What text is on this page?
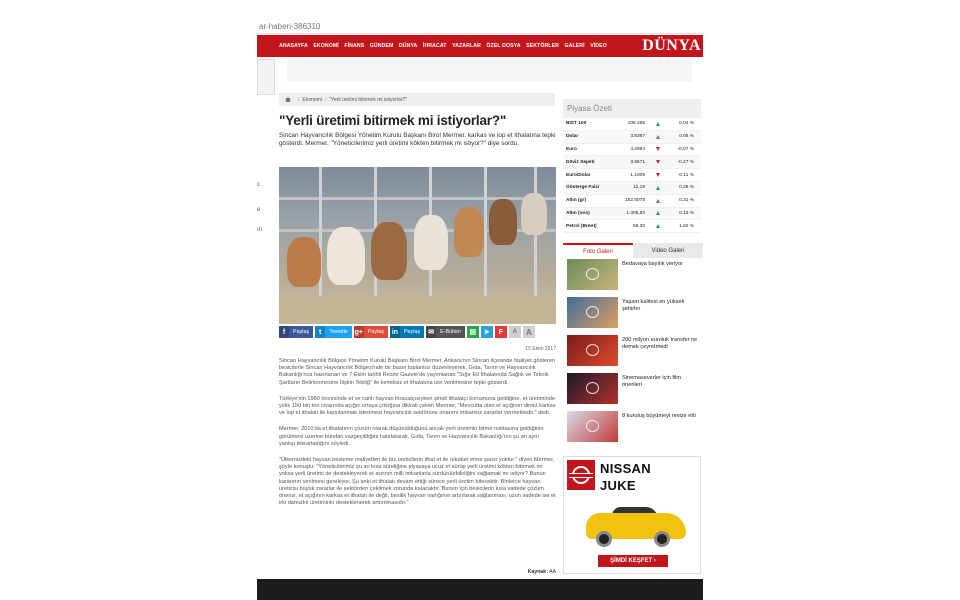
ar-haberi-386310
ANASAYFA EKONOMİ FİNANS GÜNDEM DÜNYA İHRACAT YAZARLAR ÖZEL DOSYA SEKTÖRLER GALERİ VİDEO DÜNYA
c
e
ın
/ Ekonomi / "Yerli üretimi bitirmek mi istiyorlar?"
"Yerli üretimi bitirmek mi istiyorlar?"

Sincan Hayvancılık Bölgesi Yönetim Kurulu Başkanı Birol Mermer, karkas ve lop et ithalatına tepki gösterdi. Mermer, "Yöneticilerimiz yerli üretimi kökten bitirmek mi istiyor?" diye sordu.

f	Paylaş	t	Tweetle g+ Paylaş	in	Paylaş	✉	E-Bülten	▤	➤	F	A	A
15 Ekim 2017

Sincan Hayvancılık Bölgesi Yönetim Kurulu Başkanı Birol Mermer, Ankara'nın Sincan ilçesinde faaliyet gösteren besicilerle Sincan Hayvancılık Bölgesi'nde bir basın toplantısı düzenleyerek, Gıda, Tarım ve Hayvancılık Bakanlığı'nca hazırlanan ve 7 Ekim tarihli Resmi Gazete'de yayımlanan "Sığır Eti İthalatında Sağlık ve Teknik Şartların Belirlenmesine İlişkin Tebliğ" ile kemiksiz et ithalatına izin verilmesine tepki gösterdi.

Türkiye'nin 1980 öncesinde et ve canlı hayvan ihracatçısıyken şimdi ithalatçı konumuna geldiğine, et üretiminde yıllık 150 bin ton civarında açığın ortaya çıktığına dikkati çeken Mermer, "Mevcutta olan et açığının direkt karkas ve lop et ithalatı ile karşılanmak istenmesi hayvancılık sektörüne onarımı imkansız zararlar vermektedir." dedi.

Mermer, 2010'da et ithalatının çözüm olarak düşünüldüğünü ancak yerli üretimin bitme noktasına geldiğinin görülmesi üzerine bundan vazgeçildiğini hatırlatarak, Gıda, Tarım ve Hayvancılık Bakanlığı'nın şu an aynı yanlışı tekrarladığını söyledi.

"Ülkemizdeki hayvan besleme maliyetleri ile biz üreticilerin ithal et ile rekabet etme şansı yoktur." diyen Mermer, şöyle konuştu: "Yöneticilerimiz şu an kısa süreliğine piyasaya ucuz et sürüp yerli üretimi kökten bitirmek mi yoksa yerli üretimi de destekleyerek et arzının milli imkanlarla sürdürülebilirliğini sağlamak mı istiyor? Bunun kararının verilmesi gerekiyor. Şu anki et ithalatı devam ettiği sürece yerli üretim bitecektir. Binlerce hayvan üreticisi büyük zararlar ile sektörden çekilmek zorunda kalacaktır. Bunun için besicilerin kısa vadede çözüm önerisi, et açığının karkas et ithalatı ile değil, besilik hayvan varlığının artırılarak sağlanması, uzun vadede ise et irki damızlık üretiminin desteklenerek arttırılmasıdır."

Kaynak: AA
Piyasa Özeti
BIST 100	106.265	0,04 %
Dolar	3,6367	0,05 %
Euro	4,2954	-0,07 %
Döviz Sepeti	3,9671	-0,27 %
Euro/Dolar	1,1809	-0,11 %
Gösterge Faizi	12,18	0,25 %
Altın (gr)	152,6078	0,31 %
Altın (ons)	1.305,53	0,13 %
Petrol (Brent)	58,20	1,82 %
Foto Galeri	Video Galeri
Bedavaya bayılık veriyor
Yaşam kalitesi en yüksek şehirler
200 milyon euroluk transfer ne demek ceyretmedi
Sinemaseverler için film önerileri
8 kuruluş büyümeyi revize etti
NISSAN
JUKE
ŞİMDİ KEŞFET ›
